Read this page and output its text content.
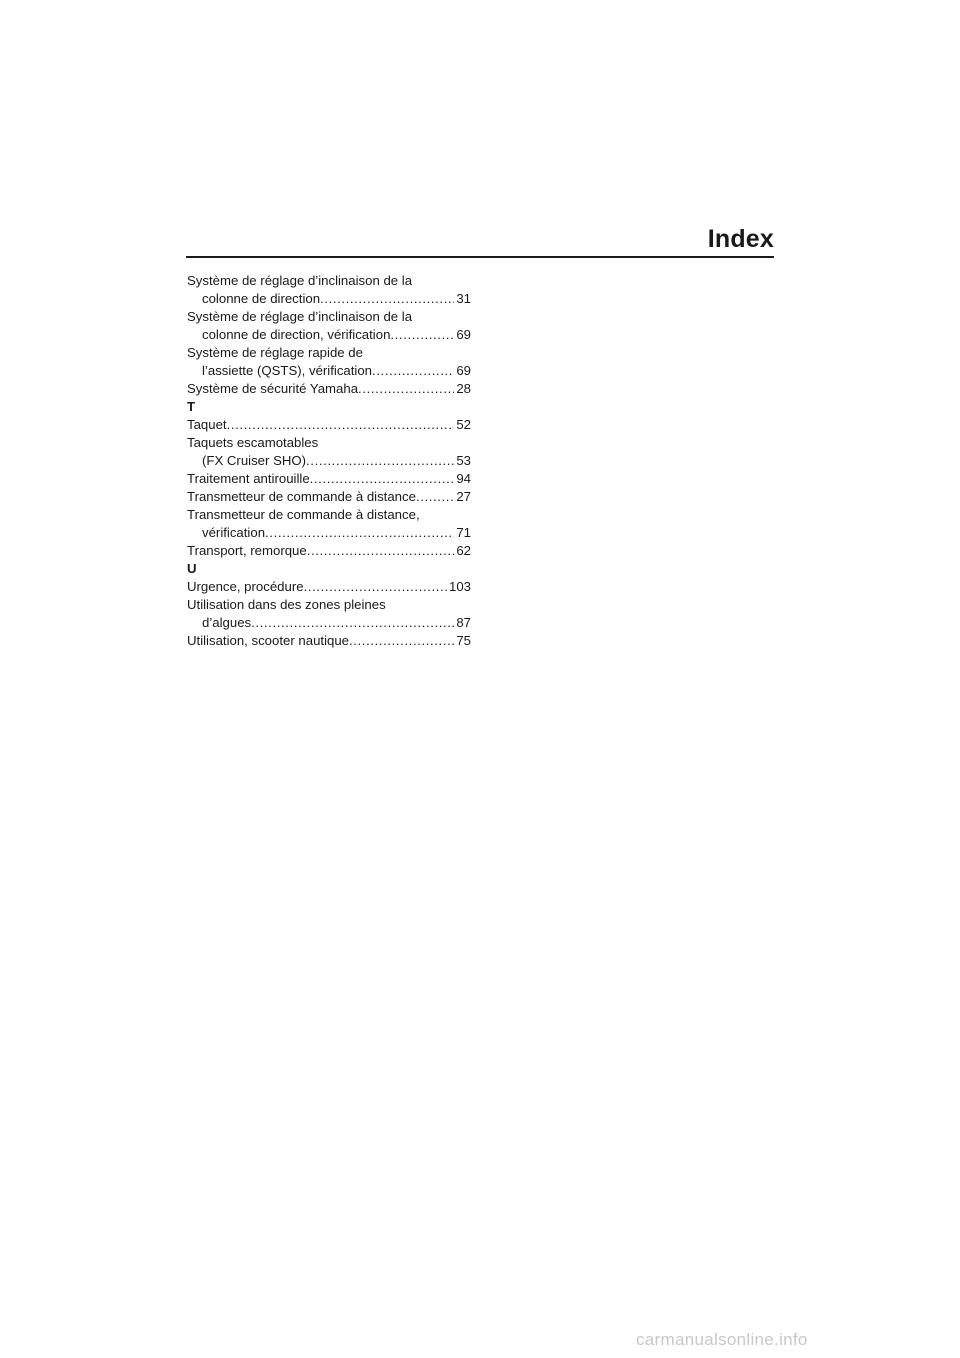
Index
Système de réglage d’inclinaison de la
colonne de direction .....	31
Système de réglage d’inclinaison de la
colonne de direction, vérification .....	69
Système de réglage rapide de
l’assiette (QSTS), vérification .....	69
Système de sécurité Yamaha .....	28
T
Taquet .....	52
Taquets escamotables
(FX Cruiser SHO) .....	53
Traitement antirouille .....	94
Transmetteur de commande à distance .....	27
Transmetteur de commande à distance,
vérification .....	71
Transport, remorque .....	62
U
Urgence, procédure .....	103
Utilisation dans des zones pleines
d’algues .....	87
Utilisation, scooter nautique .....	75
carmanualsonline.info
